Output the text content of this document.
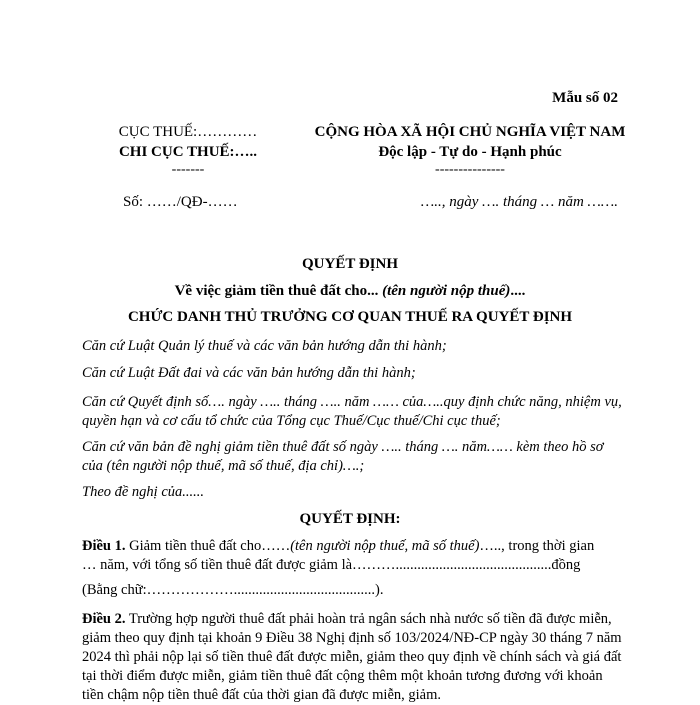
Mẫu số 02
CỤC THUẾ:…………
CHI CỤC THUẾ:…..
-------
CỘNG HÒA XÃ HỘI CHỦ NGHĨA VIỆT NAM
Độc lập - Tự do - Hạnh phúc
---------------
Số: ……/QĐ-……	….., ngày …. tháng … năm …….
QUYẾT ĐỊNH
Về việc giảm tiền thuê đất cho... (tên người nộp thuế)....
CHỨC DANH THỦ TRƯỞNG CƠ QUAN THUẾ RA QUYẾT ĐỊNH
Căn cứ Luật Quản lý thuế và các văn bản hướng dẫn thi hành;
Căn cứ Luật Đất đai và các văn bản hướng dẫn thi hành;
Căn cứ Quyết định số…. ngày ….. tháng ….. năm …… của…..quy định chức năng, nhiệm vụ, quyền hạn và cơ cấu tổ chức của Tổng cục Thuế/Cục thuế/Chi cục thuế;
Căn cứ văn bản đề nghị giảm tiền thuê đất số ngày ….. tháng …. năm…… kèm theo hồ sơ của (tên người nộp thuế, mã số thuế, địa chỉ)….;
Theo đề nghị của......
QUYẾT ĐỊNH:
Điều 1. Giảm tiền thuê đất cho……(tên người nộp thuế, mã số thuế)….., trong thời gian
… năm, với tổng số tiền thuê đất được giảm là………...........................................đồng
(Bằng chữ:……………….......................................).
Điều 2. Trường hợp người thuê đất phải hoàn trả ngân sách nhà nước số tiền đã được miễn, giảm theo quy định tại khoản 9 Điều 38 Nghị định số 103/2024/NĐ-CP ngày 30 tháng 7 năm 2024 thì phải nộp lại số tiền thuê đất được miễn, giảm theo quy định về chính sách và giá đất tại thời điểm được miễn, giảm tiền thuê đất cộng thêm một khoản tương đương với khoản tiền chậm nộp tiền thuê đất của thời gian đã được miễn, giảm.
